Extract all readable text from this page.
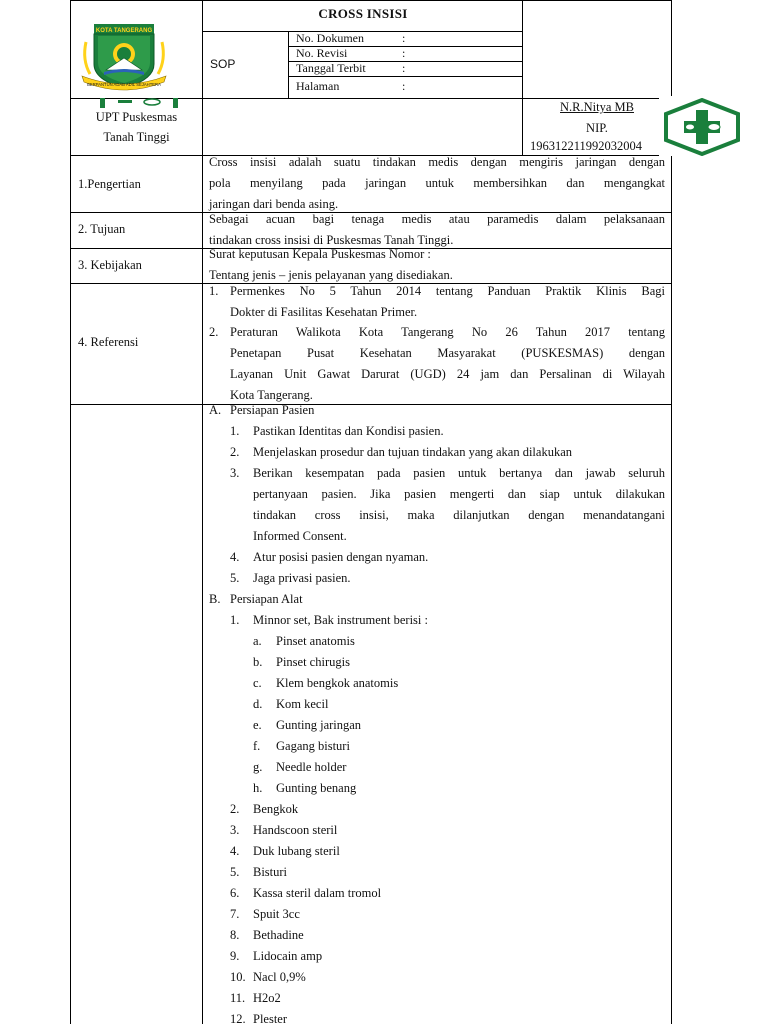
KOTA TANGERANG
BERPANTUN ADAB ADIL SEJAHTERA
CROSS INSISI
SOP
No. Dokumen
No. Revisi
Tanggal Terbit
Halaman
:
:
:
:
UPT Puskesmas
Tanah Tinggi
N.R.Nitya MB
NIP.
196312211992032004
1.Pengertian
2. Tujuan
3. Kebijakan
4. Referensi
Cross insisi adalah suatu tindakan medis dengan mengiris jaringan dengan
pola menyilang pada jaringan untuk membersihkan dan mengangkat
jaringan dari benda asing.
Sebagai acuan bagi tenaga medis atau paramedis dalam pelaksanaan
tindakan cross insisi di Puskesmas Tanah Tinggi.
Surat keputusan Kepala Puskesmas Nomor :
Tentang jenis – jenis pelayanan yang disediakan.
1. Permenkes No 5 Tahun 2014 tentang Panduan Praktik Klinis Bagi
Dokter di Fasilitas Kesehatan Primer.
2. Peraturan Walikota Kota Tangerang No 26 Tahun 2017 tentang
Penetapan Pusat Kesehatan Masyarakat (PUSKESMAS) dengan
Layanan Unit Gawat Darurat (UGD) 24 jam dan Persalinan di Wilayah
Kota Tangerang.
A. Persiapan Pasien
1. Pastikan Identitas dan Kondisi pasien.
2. Menjelaskan prosedur dan tujuan tindakan yang akan dilakukan
3. Berikan kesempatan pada pasien untuk bertanya dan jawab seluruh
pertanyaan pasien. Jika pasien mengerti dan siap untuk dilakukan
tindakan cross insisi, maka dilanjutkan dengan menandatangani
Informed Consent.
4. Atur posisi pasien dengan nyaman.
5. Jaga privasi pasien.
B. Persiapan Alat
1. Minnor set, Bak instrument berisi :
a. Pinset anatomis
b. Pinset chirugis
c. Klem bengkok anatomis
d. Kom kecil
e. Gunting jaringan
f. Gagang bisturi
g. Needle holder
h. Gunting benang
2. Bengkok
3. Handscoon steril
4. Duk lubang steril
5. Bisturi
6. Kassa steril dalam tromol
7. Spuit 3cc
8. Bethadine
9. Lidocain amp
10. Nacl 0,9%
11. H2o2
12. Plester
